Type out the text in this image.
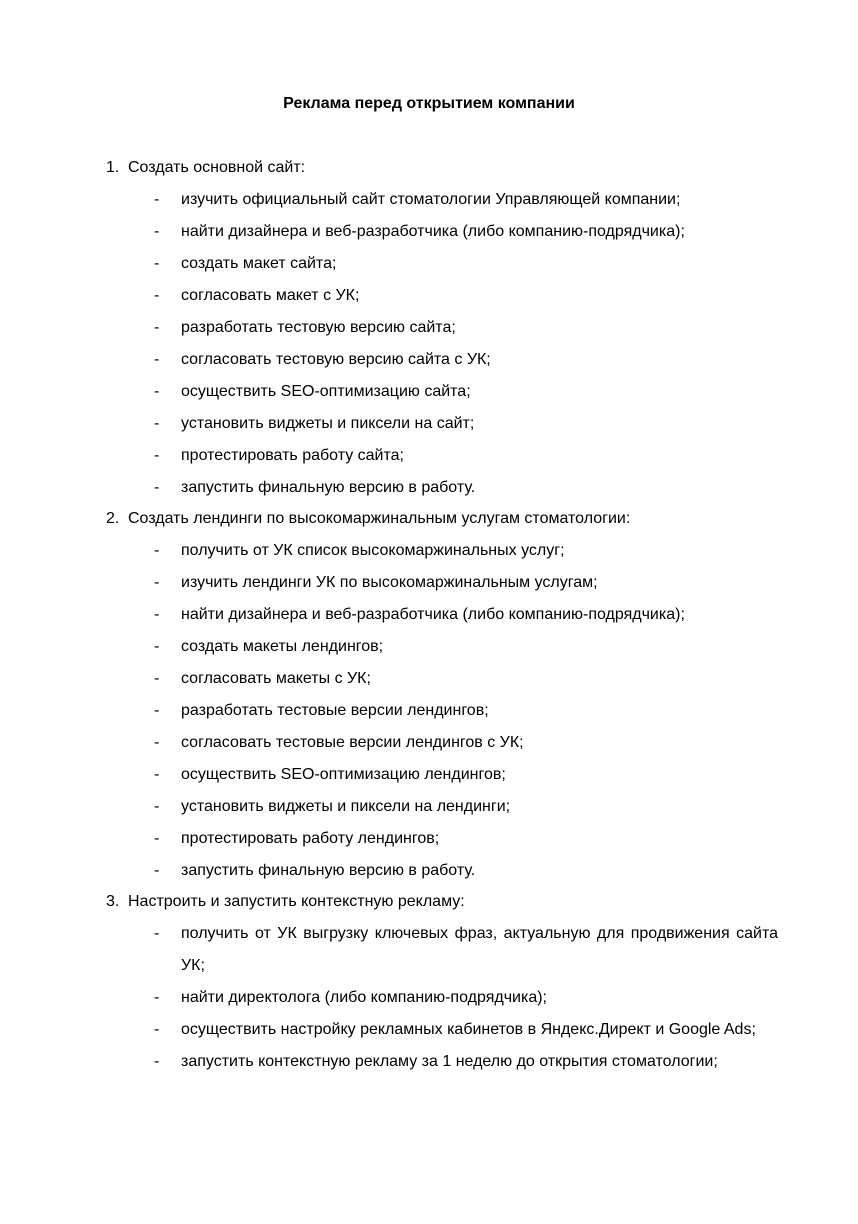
Реклама перед открытием компании
1. Создать основной сайт:
-	изучить официальный сайт стоматологии Управляющей компании;
-	найти дизайнера и веб-разработчика (либо компанию-подрядчика);
-	создать макет сайта;
-	согласовать макет с УК;
-	разработать тестовую версию сайта;
-	согласовать тестовую версию сайта с УК;
-	осуществить SEO-оптимизацию сайта;
-	установить виджеты и пиксели на сайт;
-	протестировать работу сайта;
-	запустить финальную версию в работу.
2. Создать лендинги по высокомаржинальным услугам стоматологии:
-	получить от УК список высокомаржинальных услуг;
-	изучить лендинги УК по высокомаржинальным услугам;
-	найти дизайнера и веб-разработчика (либо компанию-подрядчика);
-	создать макеты лендингов;
-	согласовать макеты с УК;
-	разработать тестовые версии лендингов;
-	согласовать тестовые версии лендингов с УК;
-	осуществить SEO-оптимизацию лендингов;
-	установить виджеты и пиксели на лендинги;
-	протестировать работу лендингов;
-	запустить финальную версию в работу.
3. Настроить и запустить контекстную рекламу:
-	получить от УК выгрузку ключевых фраз, актуальную для продвижения сайта УК;
-	найти директолога (либо компанию-подрядчика);
-	осуществить настройку рекламных кабинетов в Яндекс.Директ и Google Ads;
-	запустить контекстную рекламу за 1 неделю до открытия стоматологии;
